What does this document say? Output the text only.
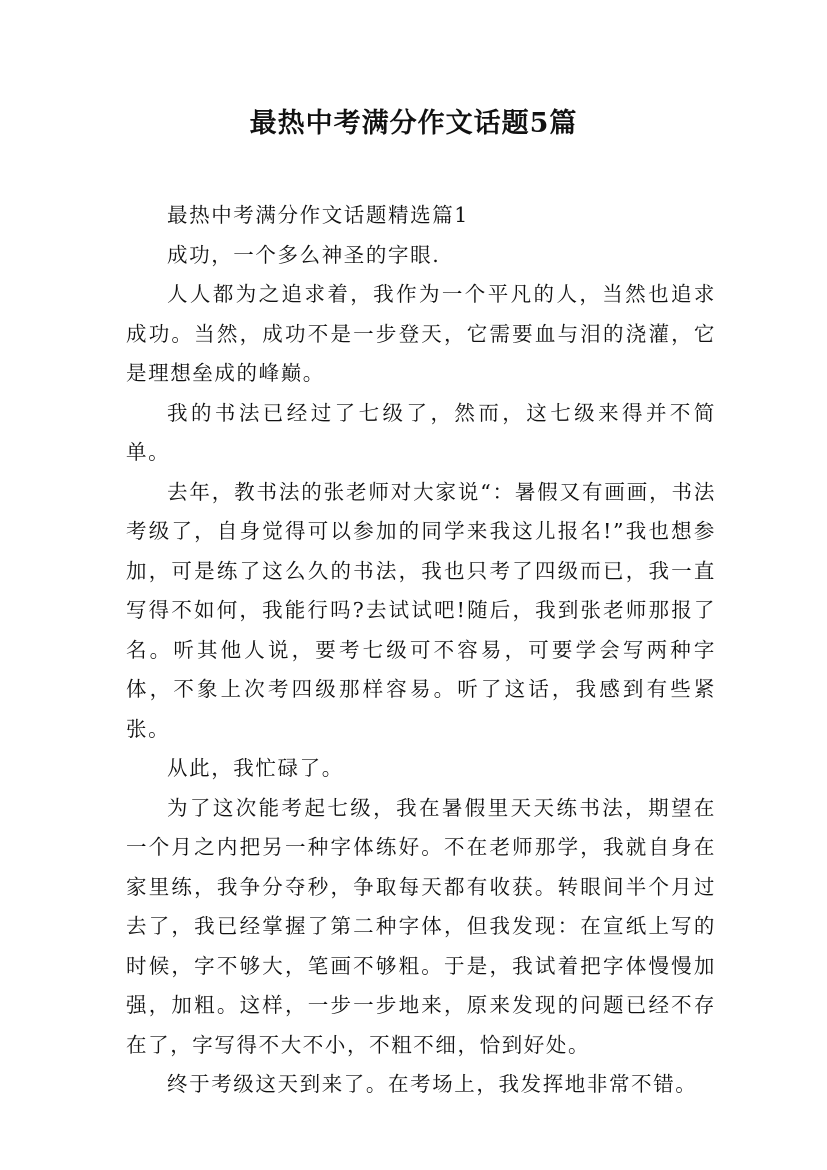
最热中考满分作文话题5篇

最热中考满分作文话题精选篇1

成功，一个多么神圣的字眼.

人人都为之追求着，我作为一个平凡的人，当然也追求成功。当然，成功不是一步登天，它需要血与泪的浇灌，它是理想垒成的峰巅。

我的书法已经过了七级了，然而，这七级来得并不简单。

去年，教书法的张老师对大家说“：暑假又有画画，书法考级了，自身觉得可以参加的同学来我这儿报名!”我也想参加，可是练了这么久的书法，我也只考了四级而已，我一直写得不如何，我能行吗?去试试吧!随后，我到张老师那报了名。听其他人说，要考七级可不容易，可要学会写两种字体，不象上次考四级那样容易。听了这话，我感到有些紧张。

从此，我忙碌了。

为了这次能考起七级，我在暑假里天天练书法，期望在一个月之内把另一种字体练好。不在老师那学，我就自身在家里练，我争分夺秒，争取每天都有收获。转眼间半个月过去了，我已经掌握了第二种字体，但我发现：在宣纸上写的时候，字不够大，笔画不够粗。于是，我试着把字体慢慢加强，加粗。这样，一步一步地来，原来发现的问题已经不存在了，字写得不大不小，不粗不细，恰到好处。

终于考级这天到来了。在考场上，我发挥地非常不错。
